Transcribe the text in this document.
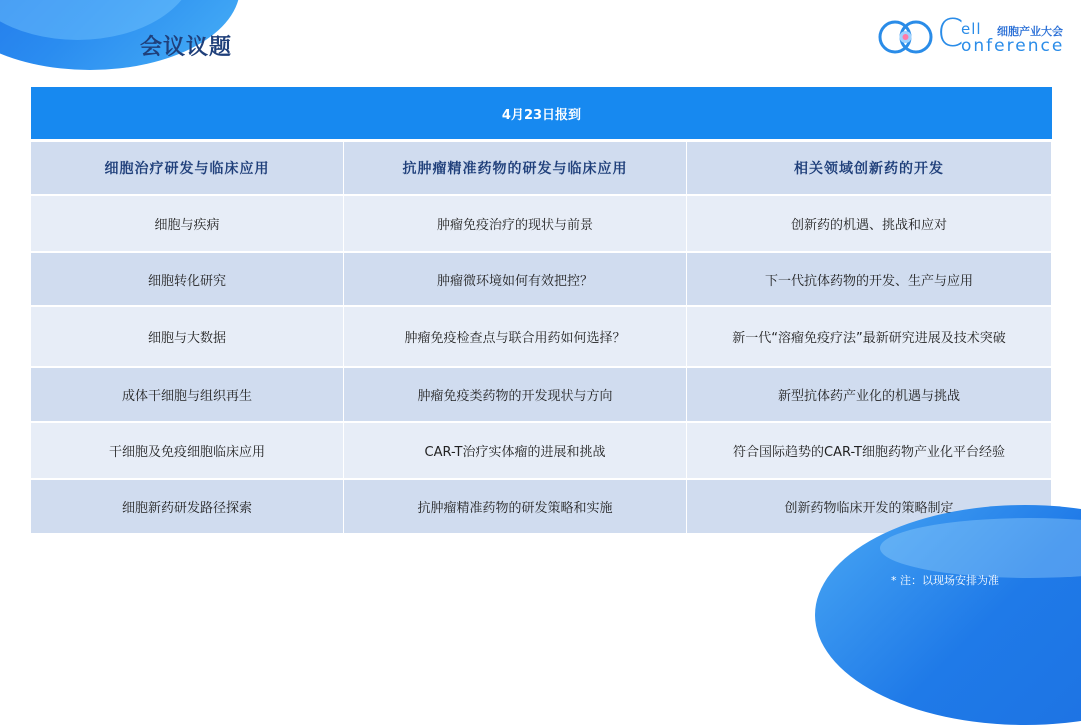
会议议题	C
ell 细胞产业大会
onference
4月23日报到
细胞治疗研发与临床应用	抗肿瘤精准药物的研发与临床应用	相关领域创新药的开发
细胞与疾病	肿瘤免疫治疗的现状与前景	创新药的机遇、挑战和应对
细胞转化研究	肿瘤微环境如何有效把控？	下一代抗体药物的开发、生产与应用
细胞与大数据	肿瘤免疫检查点与联合用药如何选择？	新一代“溶瘤免疫疗法”最新研究进展及技术突破
成体干细胞与组织再生	肿瘤免疫类药物的开发现状与方向	新型抗体药产业化的机遇与挑战
干细胞及免疫细胞临床应用	CAR-T治疗实体瘤的进展和挑战	符合国际趋势的CAR-T细胞药物产业化平台经验
细胞新药研发路径探索	抗肿瘤精准药物的研发策略和实施	创新药物临床开发的策略制定
* 注：以现场安排为准
